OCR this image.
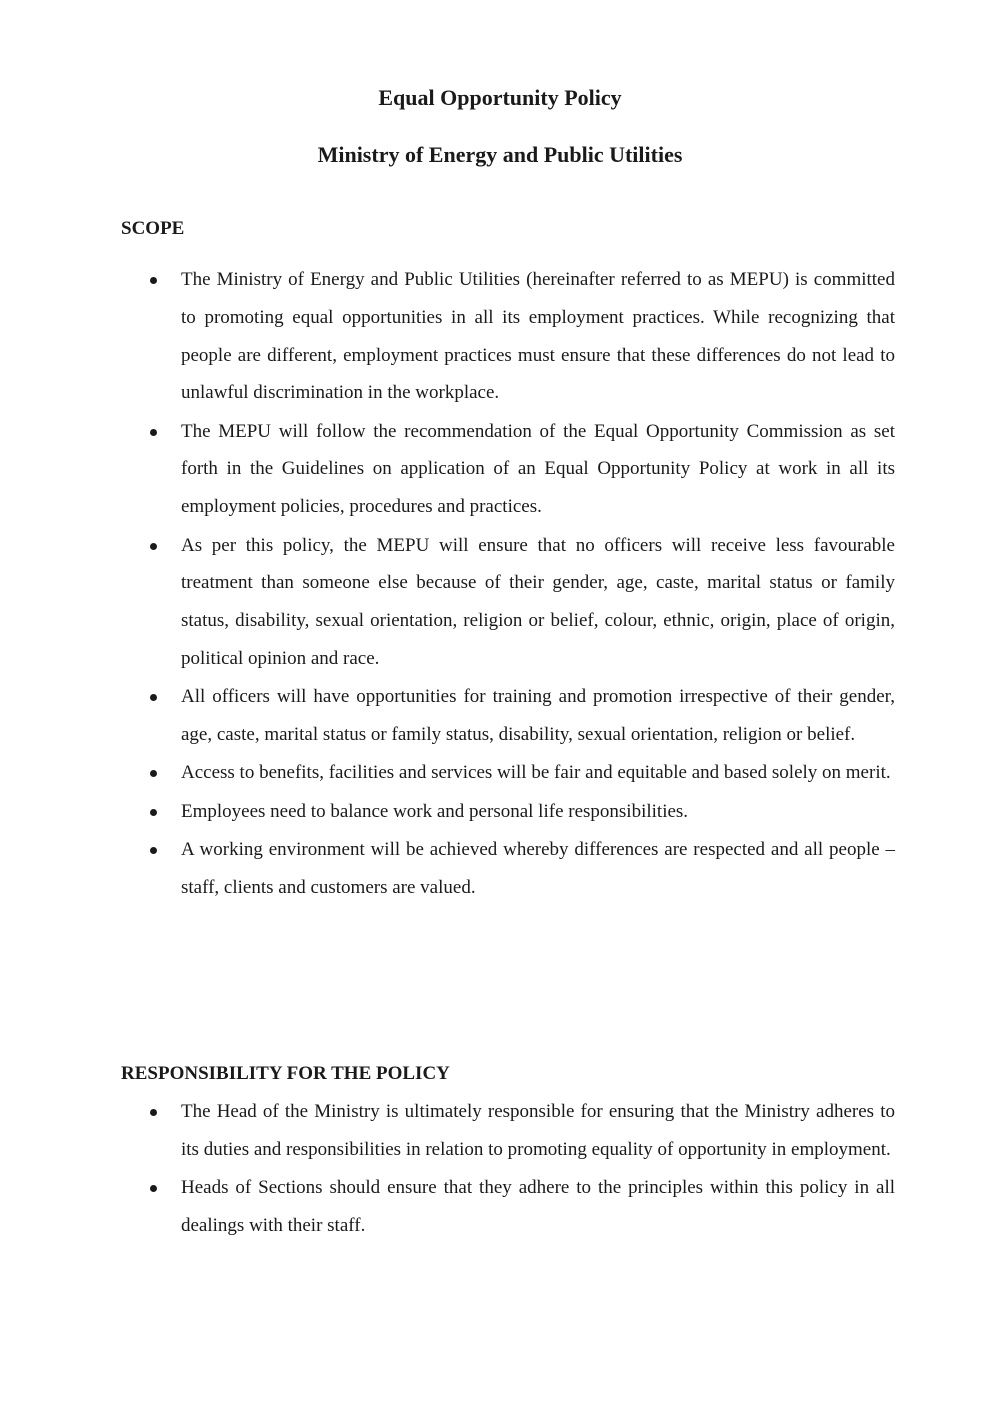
Equal Opportunity Policy
Ministry of Energy and Public Utilities
SCOPE
The Ministry of Energy and Public Utilities (hereinafter referred to as MEPU) is committed to promoting equal opportunities in all its employment practices. While recognizing that people are different, employment practices must ensure that these differences do not lead to unlawful discrimination in the workplace.
The MEPU will follow the recommendation of the Equal Opportunity Commission as set forth in the Guidelines on application of an Equal Opportunity Policy at work in all its employment policies, procedures and practices.
As per this policy, the MEPU will ensure that no officers will receive less favourable treatment than someone else because of their gender, age, caste, marital status or family status, disability, sexual orientation, religion or belief, colour, ethnic, origin, place of origin, political opinion and race.
All officers will have opportunities for training and promotion irrespective of their gender, age, caste, marital status or family status, disability, sexual orientation, religion or belief.
Access to benefits, facilities and services will be fair and equitable and based solely on merit.
Employees need to balance work and personal life responsibilities.
A working environment will be achieved whereby differences are respected and all people – staff, clients and customers are valued.
RESPONSIBILITY FOR THE POLICY
The Head of the Ministry is ultimately responsible for ensuring that the Ministry adheres to its duties and responsibilities in relation to promoting equality of opportunity in employment.
Heads of Sections should ensure that they adhere to the principles within this policy in all dealings with their staff.
